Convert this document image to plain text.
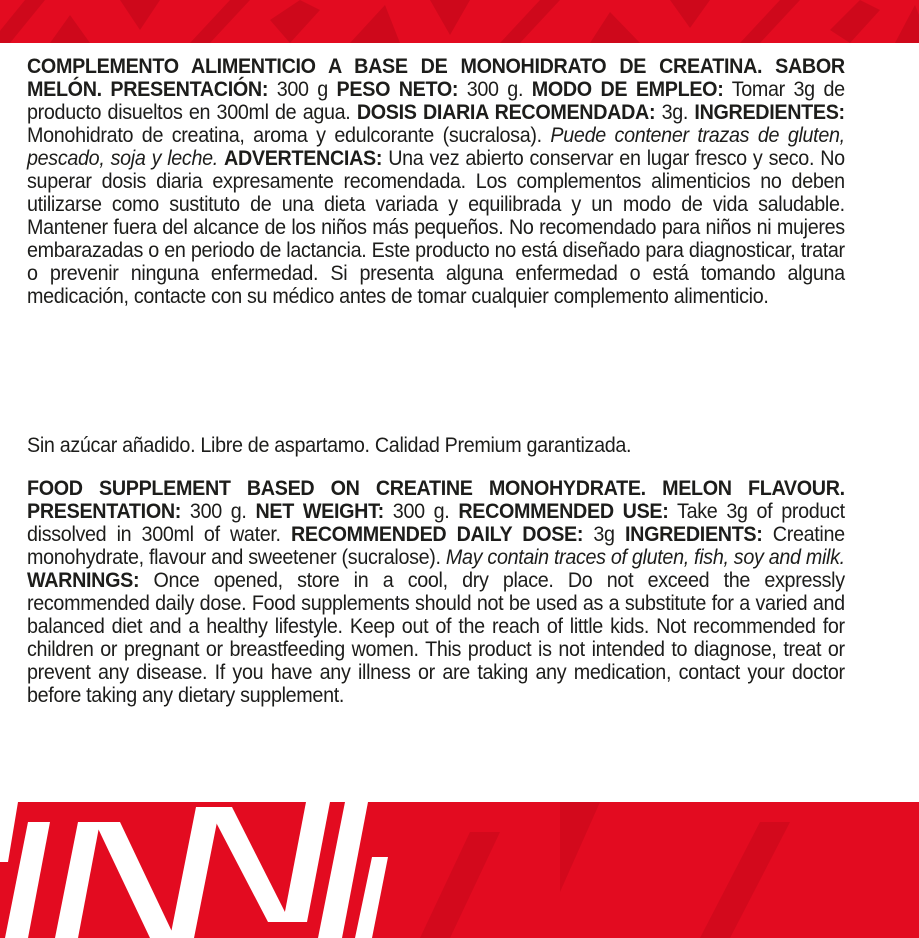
COMPLEMENTO ALIMENTICIO A BASE DE MONOHIDRATO DE CREATINA. SABOR MELÓN. PRESENTACIÓN: 300 g PESO NETO: 300 g. MODO DE EMPLEO: Tomar 3g de producto disueltos en 300ml de agua. DOSIS DIARIA RECOMENDADA: 3g. INGREDIENTES: Monohidrato de creatina, aroma y edulcorante (sucralosa). Puede contener trazas de gluten, pescado, soja y leche. ADVERTENCIAS: Una vez abierto conservar en lugar fresco y seco. No superar dosis diaria expresamente recomendada. Los complementos alimenticios no deben utilizarse como sustituto de una dieta variada y equilibrada y un modo de vida saludable. Mantener fuera del alcance de los niños más pequeños. No recomendado para niños ni mujeres embarazadas o en periodo de lactancia. Este producto no está diseñado para diagnosticar, tratar o prevenir ninguna enfermedad. Si presenta alguna enfermedad o está tomando alguna medicación, contacte con su médico antes de tomar cualquier complemento alimenticio.

Sin azúcar añadido. Libre de aspartamo. Calidad Premium garantizada.

FOOD SUPPLEMENT BASED ON CREATINE MONOHYDRATE. MELON FLAVOUR. PRESENTATION: 300 g. NET WEIGHT: 300 g. RECOMMENDED USE: Take 3g of product dissolved in 300ml of water. RECOMMENDED DAILY DOSE: 3g INGREDIENTS: Creatine monohydrate, flavour and sweetener (sucralose). May contain traces of gluten, fish, soy and milk. WARNINGS: Once opened, store in a cool, dry place. Do not exceed the expressly recommended daily dose. Food supplements should not be used as a substitute for a varied and balanced diet and a healthy lifestyle. Keep out of the reach of little kids. Not recommended for children or pregnant or breastfeeding women. This product is not intended to diagnose, treat or prevent any disease. If you have any illness or are taking any medication, contact your doctor before taking any dietary supplement.
